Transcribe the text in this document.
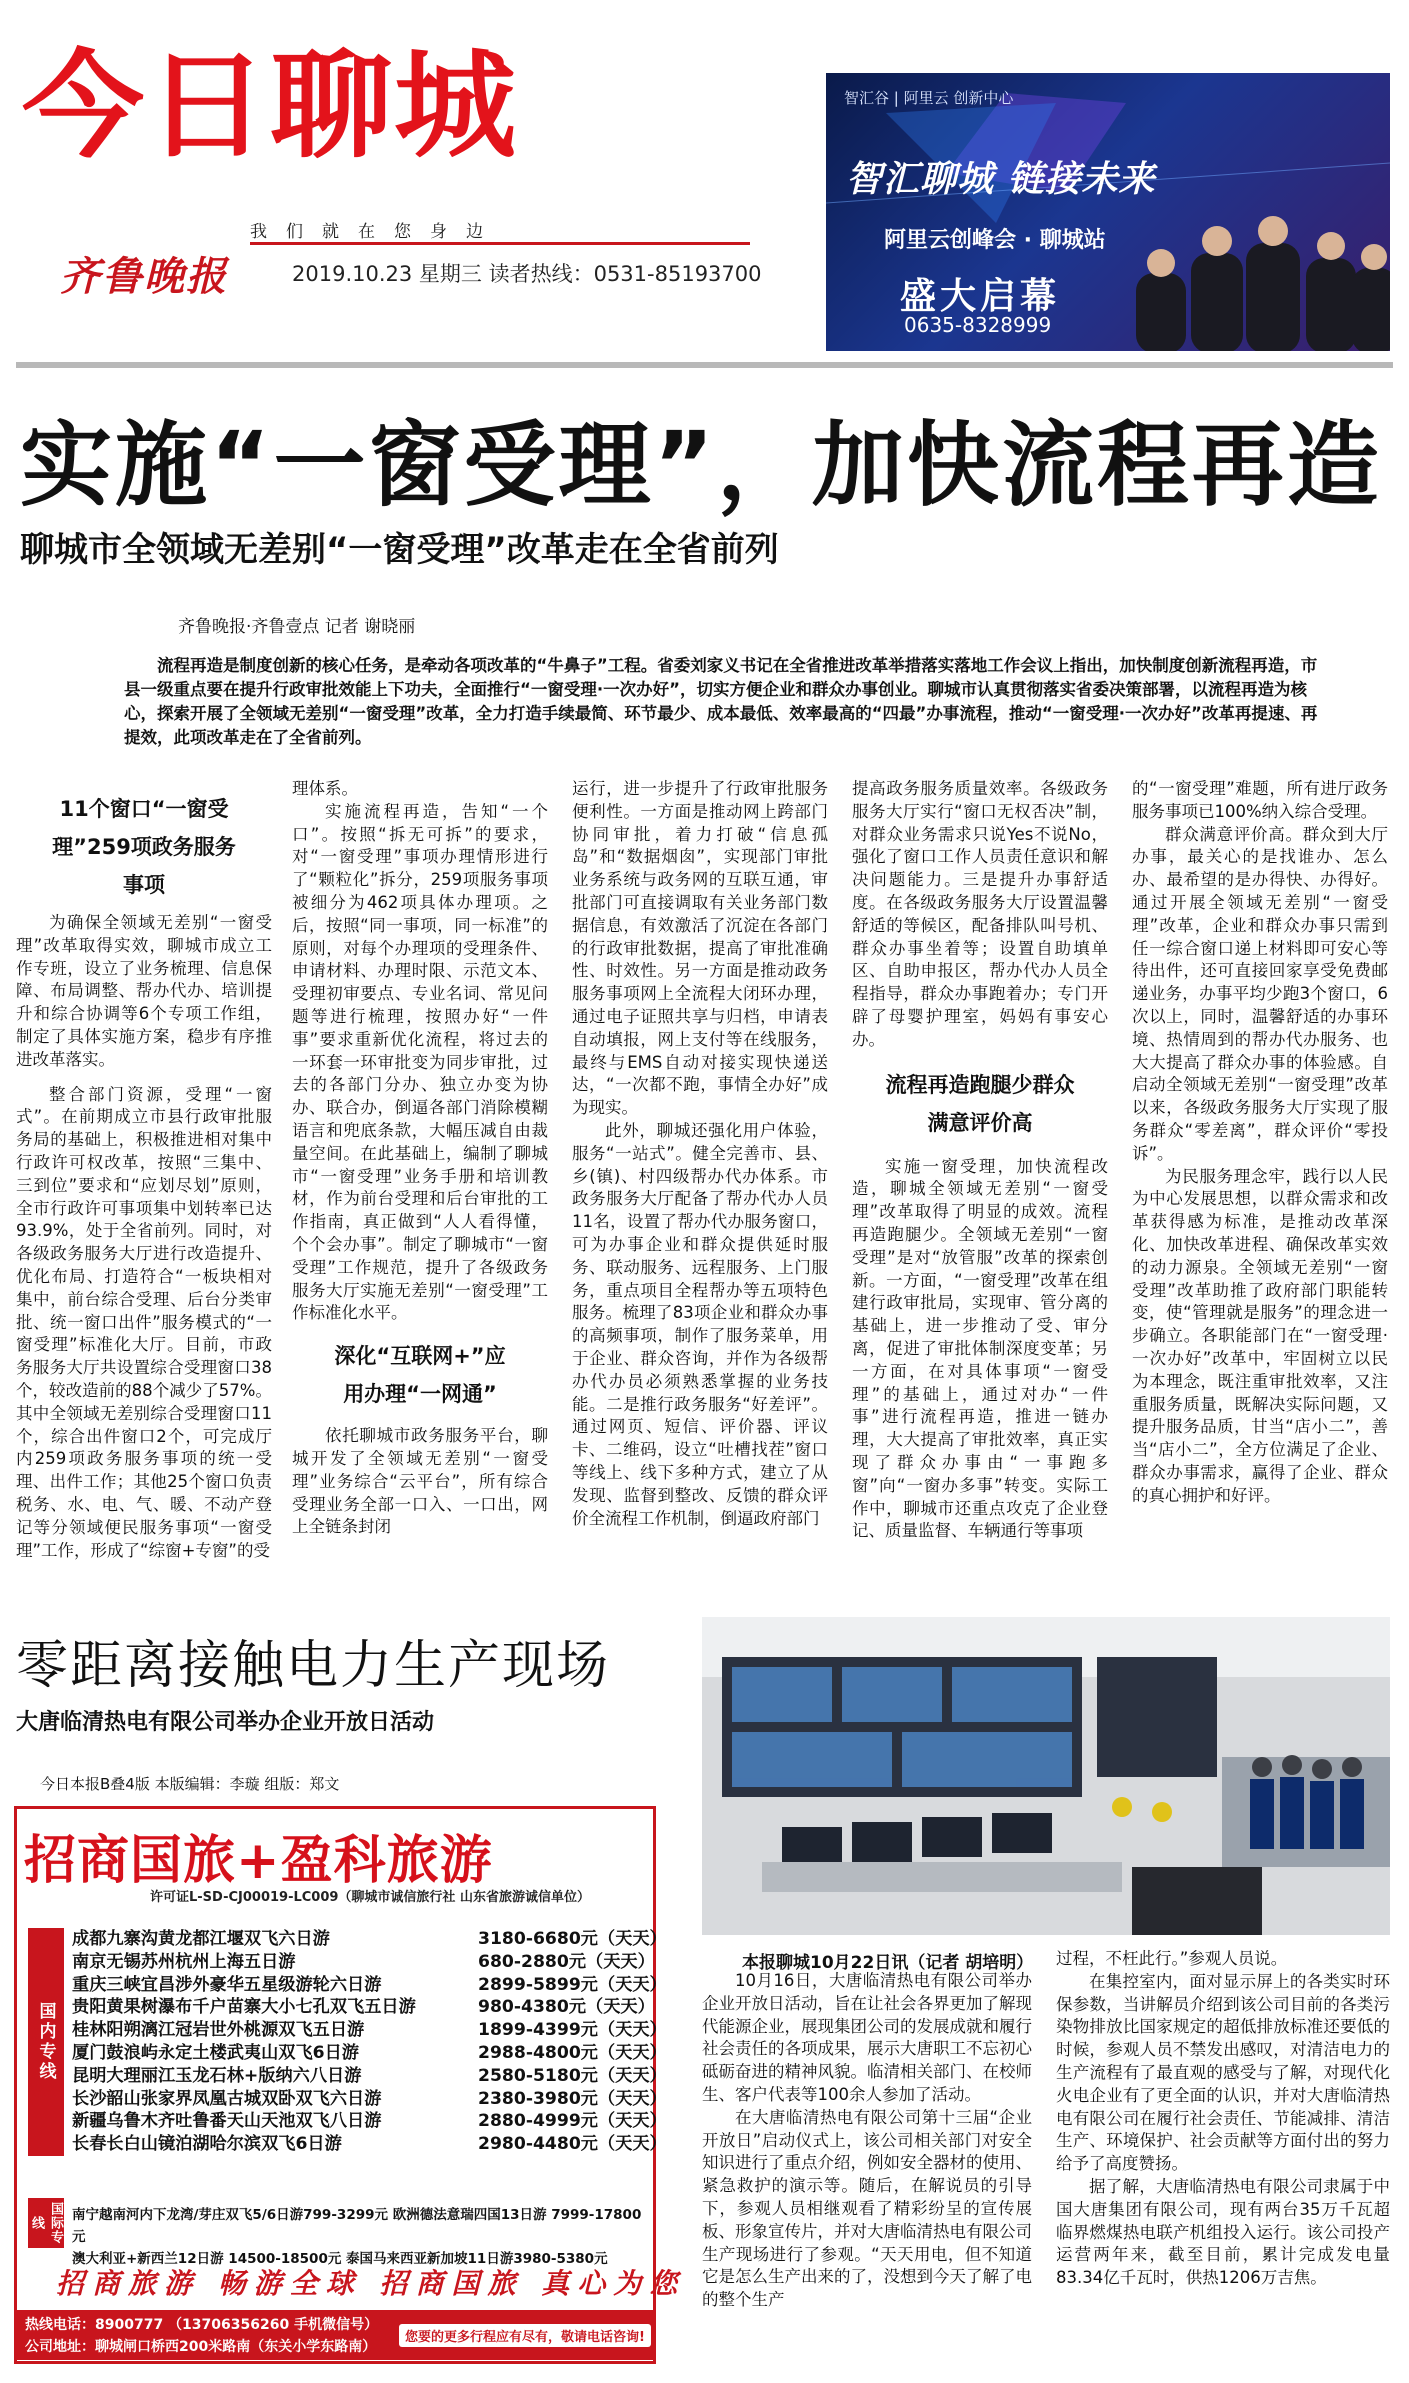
今日聊城
我们就在您身边
齐鲁晚报	2019.10.23 星期三 读者热线：0531-85193700
智汇谷 | 阿里云 创新中心
智汇聊城 链接未来
阿里云创峰会 · 聊城站
盛大启幕
0635-8328999
实施“一窗受理”，加快流程再造
聊城市全领域无差别“一窗受理”改革走在全省前列
齐鲁晚报·齐鲁壹点 记者 谢晓丽
流程再造是制度创新的核心任务，是牵动各项改革的“牛鼻子”工程。省委刘家义书记在全省推进改革举措落实落地工作会议上指出，加快制度创新流程再造，市县一级重点要在提升行政审批效能上下功夫，全面推行“一窗受理·一次办好”，切实方便企业和群众办事创业。聊城市认真贯彻落实省委决策部署，以流程再造为核心，探索开展了全领域无差别“一窗受理”改革，全力打造手续最简、环节最少、成本最低、效率最高的“四最”办事流程，推动“一窗受理·一次办好”改革再提速、再提效，此项改革走在了全省前列。
11个窗口“一窗受理”259项政务服务事项

为确保全领域无差别“一窗受理”改革取得实效，聊城市成立工作专班，设立了业务梳理、信息保障、布局调整、帮办代办、培训提升和综合协调等6个专项工作组，制定了具体实施方案，稳步有序推进改革落实。

整合部门资源，受理“一窗式”。在前期成立市县行政审批服务局的基础上，积极推进相对集中行政许可权改革，按照“三集中、三到位”要求和“应划尽划”原则，全市行政许可事项集中划转率已达93.9%，处于全省前列。同时，对各级政务服务大厅进行改造提升、优化布局、打造符合“一板块相对集中，前台综合受理、后台分类审批、统一窗口出件”服务模式的“一窗受理”标准化大厅。目前，市政务服务大厅共设置综合受理窗口38个，较改造前的88个减少了57%。其中全领域无差别综合受理窗口11个，综合出件窗口2个，可完成厅内259项政务服务事项的统一受理、出件工作；其他25个窗口负责税务、水、电、气、暖、不动产登记等分领域便民服务事项“一窗受理”工作，形成了“综窗+专窗”的受

理体系。

实施流程再造，告知“一个口”。按照“拆无可拆”的要求，对“一窗受理”事项办理情形进行了“颗粒化”拆分，259项服务事项被细分为462项具体办理项。之后，按照“同一事项，同一标准”的原则，对每个办理项的受理条件、申请材料、办理时限、示范文本、受理初审要点、专业名词、常见问题等进行梳理，按照办好“一件事”要求重新优化流程，将过去的一环套一环审批变为同步审批，过去的各部门分办、独立办变为协办、联合办，倒逼各部门消除模糊语言和兜底条款，大幅压减自由裁量空间。在此基础上，编制了聊城市“一窗受理”业务手册和培训教材，作为前台受理和后台审批的工作指南，真正做到“人人看得懂，个个会办事”。制定了聊城市“一窗受理”工作规范，提升了各级政务服务大厅实施无差别“一窗受理”工作标准化水平。

深化“互联网+”应用办理“一网通”

依托聊城市政务服务平台，聊城开发了全领域无差别“一窗受理”业务综合“云平台”，所有综合受理业务全部一口入、一口出，网上全链条封闭

运行，进一步提升了行政审批服务便利性。一方面是推动网上跨部门协同审批，着力打破“信息孤岛”和“数据烟囱”，实现部门审批业务系统与政务网的互联互通，审批部门可直接调取有关业务部门数据信息，有效激活了沉淀在各部门的行政审批数据，提高了审批准确性、时效性。另一方面是推动政务服务事项网上全流程大闭环办理，通过电子证照共享与归档，申请表自动填报，网上支付等在线服务，最终与EMS自动对接实现快递送达，“一次都不跑，事情全办好”成为现实。

此外，聊城还强化用户体验，服务“一站式”。健全完善市、县、乡(镇)、村四级帮办代办体系。市政务服务大厅配备了帮办代办人员11名，设置了帮办代办服务窗口，可为办事企业和群众提供延时服务、联动服务、远程服务、上门服务，重点项目全程帮办等五项特色服务。梳理了83项企业和群众办事的高频事项，制作了服务菜单，用于企业、群众咨询，并作为各级帮办代办员必须熟悉掌握的业务技能。二是推行政务服务“好差评”。通过网页、短信、评价器、评议卡、二维码，设立“吐槽找茬”窗口等线上、线下多种方式，建立了从发现、监督到整改、反馈的群众评价全流程工作机制，倒逼政府部门

提高政务服务质量效率。各级政务服务大厅实行“窗口无权否决”制，对群众业务需求只说Yes不说No，强化了窗口工作人员责任意识和解决问题能力。三是提升办事舒适度。在各级政务服务大厅设置温馨舒适的等候区，配备排队叫号机、群众办事坐着等；设置自助填单区、自助申报区，帮办代办人员全程指导，群众办事跑着办；专门开辟了母婴护理室，妈妈有事安心办。

流程再造跑腿少群众满意评价高

实施一窗受理，加快流程改造，聊城全领域无差别“一窗受理”改革取得了明显的成效。流程再造跑腿少。全领域无差别“一窗受理”是对“放管服”改革的探索创新。一方面，“一窗受理”改革在组建行政审批局，实现审、管分离的基础上，进一步推动了受、审分离，促进了审批体制深度变革；另一方面，在对具体事项“一窗受理”的基础上，通过对办“一件事”进行流程再造，推进一链办理，大大提高了审批效率，真正实现了群众办事由“一事跑多窗”向“一窗办多事”转变。实际工作中，聊城市还重点攻克了企业登记、质量监督、车辆通行等事项

的“一窗受理”难题，所有进厅政务服务事项已100%纳入综合受理。

群众满意评价高。群众到大厅办事，最关心的是找谁办、怎么办、最希望的是办得快、办得好。通过开展全领域无差别“一窗受理”改革，企业和群众办事只需到任一综合窗口递上材料即可安心等待出件，还可直接回家享受免费邮递业务，办事平均少跑3个窗口，6次以上，同时，温馨舒适的办事环境、热情周到的帮办代办服务、也大大提高了群众办事的体验感。自启动全领域无差别“一窗受理”改革以来，各级政务服务大厅实现了服务群众“零差离”，群众评价“零投诉”。

为民服务理念牢，践行以人民为中心发展思想，以群众需求和改革获得感为标准，是推动改革深化、加快改革进程、确保改革实效的动力源泉。全领域无差别“一窗受理”改革助推了政府部门职能转变，使“管理就是服务”的理念进一步确立。各职能部门在“一窗受理·一次办好”改革中，牢固树立以民为本理念，既注重审批效率，又注重服务质量，既解决实际问题，又提升服务品质，甘当“店小二”，善当“店小二”，全方位满足了企业、群众办事需求，赢得了企业、群众的真心拥护和好评。

零距离接触电力生产现场
大唐临清热电有限公司举办企业开放日活动
今日本报B叠4版 本版编辑：李璇 组版：郑文
本报聊城10月22日讯（记者 胡培明）

10月16日，大唐临清热电有限公司举办企业开放日活动，旨在让社会各界更加了解现代能源企业，展现集团公司的发展成就和履行社会责任的各项成果，展示大唐职工不忘初心砥砺奋进的精神风貌。临清相关部门、在校师生、客户代表等100余人参加了活动。

在大唐临清热电有限公司第十三届“企业开放日”启动仪式上，该公司相关部门对安全知识进行了重点介绍，例如安全器材的使用、紧急救护的演示等。随后，在解说员的引导下，参观人员相继观看了精彩纷呈的宣传展板、形象宣传片，并对大唐临清热电有限公司生产现场进行了参观。“天天用电，但不知道它是怎么生产出来的了，没想到今天了解了电的整个生产

过程，不枉此行。”参观人员说。

在集控室内，面对显示屏上的各类实时环保参数，当讲解员介绍到该公司目前的各类污染物排放比国家规定的超低排放标准还要低的时候，参观人员不禁发出感叹，对清洁电力的生产流程有了最直观的感受与了解，对现代化火电企业有了更全面的认识，并对大唐临清热电有限公司在履行社会责任、节能减排、清洁生产、环境保护、社会贡献等方面付出的努力给予了高度赞扬。

据了解，大唐临清热电有限公司隶属于中国大唐集团有限公司，现有两台35万千瓦超临界燃煤热电联产机组投入运行。该公司投产运营两年来，截至目前，累计完成发电量83.34亿千瓦时，供热1206万吉焦。

招商国旅+盈科旅游
许可证L-SD-CJ00019-LC009（聊城市诚信旅行社 山东省旅游诚信单位）
国内专线
国际专线
成都九寨沟黄龙都江堰双飞六日游	3180-6680元（天天）
南京无锡苏州杭州上海五日游	680-2880元（天天）
重庆三峡宜昌涉外豪华五星级游轮六日游	2899-5899元（天天）
贵阳黄果树瀑布千户苗寨大小七孔双飞五日游	980-4380元（天天）
桂林阳朔漓江冠岩世外桃源双飞五日游	1899-4399元（天天）
厦门鼓浪屿永定土楼武夷山双飞6日游	2988-4800元（天天）
昆明大理丽江玉龙石林+版纳六八日游	2580-5180元（天天）
长沙韶山张家界凤凰古城双卧双飞六日游	2380-3980元（天天）
新疆乌鲁木齐吐鲁番天山天池双飞八日游	2880-4999元（天天）
长春长白山镜泊湖哈尔滨双飞6日游	2980-4480元（天天）
南宁越南河内下龙湾/芽庄双飞5/6日游799-3299元 欧洲德法意瑞四国13日游 7999-17800元
澳大利亚+新西兰12日游 14500-18500元 泰国马来西亚新加坡11日游3980-5380元
招商旅游 畅游全球 招商国旅 真心为您
热线电话：8900777 （13706356260 手机微信号）
公司地址：聊城闸口桥西200米路南（东关小学东路南）
您要的更多行程应有尽有，敬请电话咨询!
